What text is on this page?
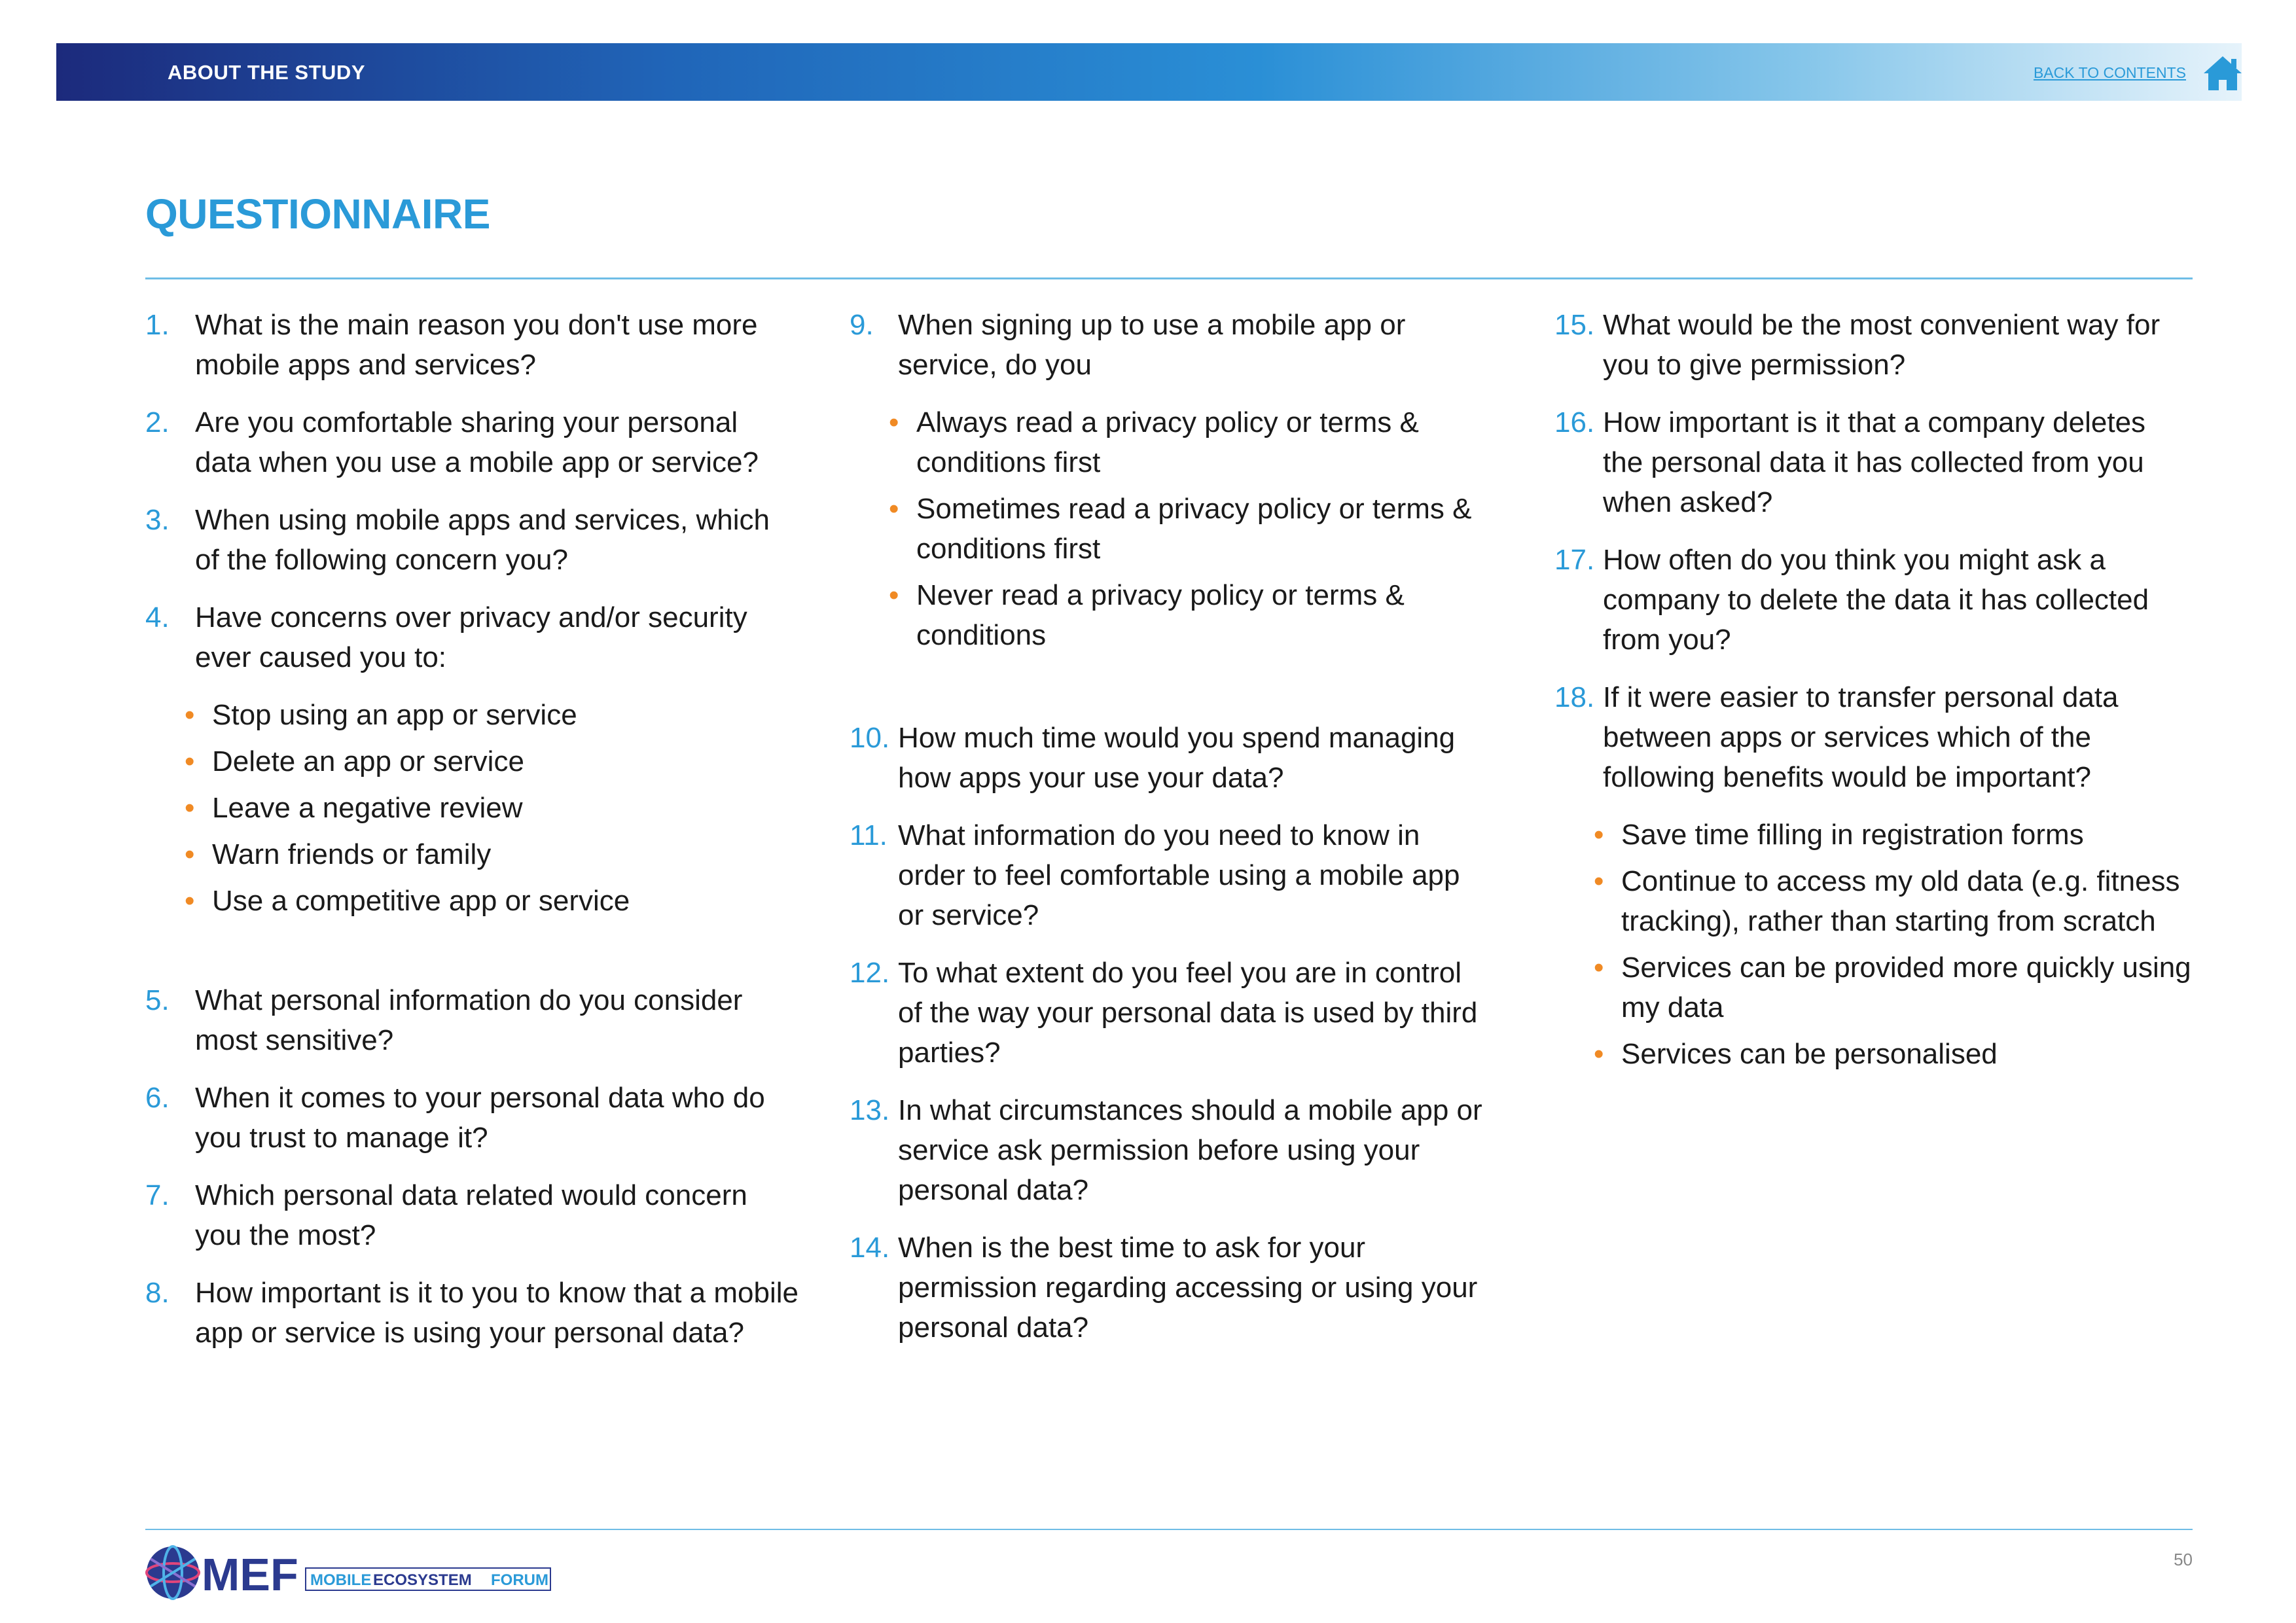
ABOUT THE STUDY	BACK TO CONTENTS
QUESTIONNAIRE
1. What is the main reason you don't use more mobile apps and services?
2. Are you comfortable sharing your personal data when you use a mobile app or service?
3. When using mobile apps and services, which of the following concern you?
4. Have concerns over privacy and/or security ever caused you to:
• Stop using an app or service
• Delete an app or service
• Leave a negative review
• Warn friends or family
• Use a competitive app or service
5. What personal information do you consider most sensitive?
6. When it comes to your personal data who do you trust to manage it?
7. Which personal data related would concern you the most?
8. How important is it to you to know that a mobile app or service is using your personal data?
9. When signing up to use a mobile app or service, do you
• Always read a privacy policy or terms & conditions first
• Sometimes read a privacy policy or terms & conditions first
• Never read a privacy policy or terms & conditions
10. How much time would you spend managing how apps your use your data?
11. What information do you need to know in order to feel comfortable using a mobile app or service?
12. To what extent do you feel you are in control of the way your personal data is used by third parties?
13. In what circumstances should a mobile app or service ask permission before using your personal data?
14. When is the best time to ask for your permission regarding accessing or using your personal data?
15. What would be the most convenient way for you to give permission?
16. How important is it that a company deletes the personal data it has collected from you when asked?
17. How often do you think you might ask a company to delete the data it has collected from you?
18. If it were easier to transfer personal data between apps or services which of the following benefits would be important?
• Save time filling in registration forms
• Continue to access my old data (e.g. fitness tracking), rather than starting from scratch
• Services can be provided more quickly using my data
• Services can be personalised
MEF MOBILE ECOSYSTEM FORUM
50
